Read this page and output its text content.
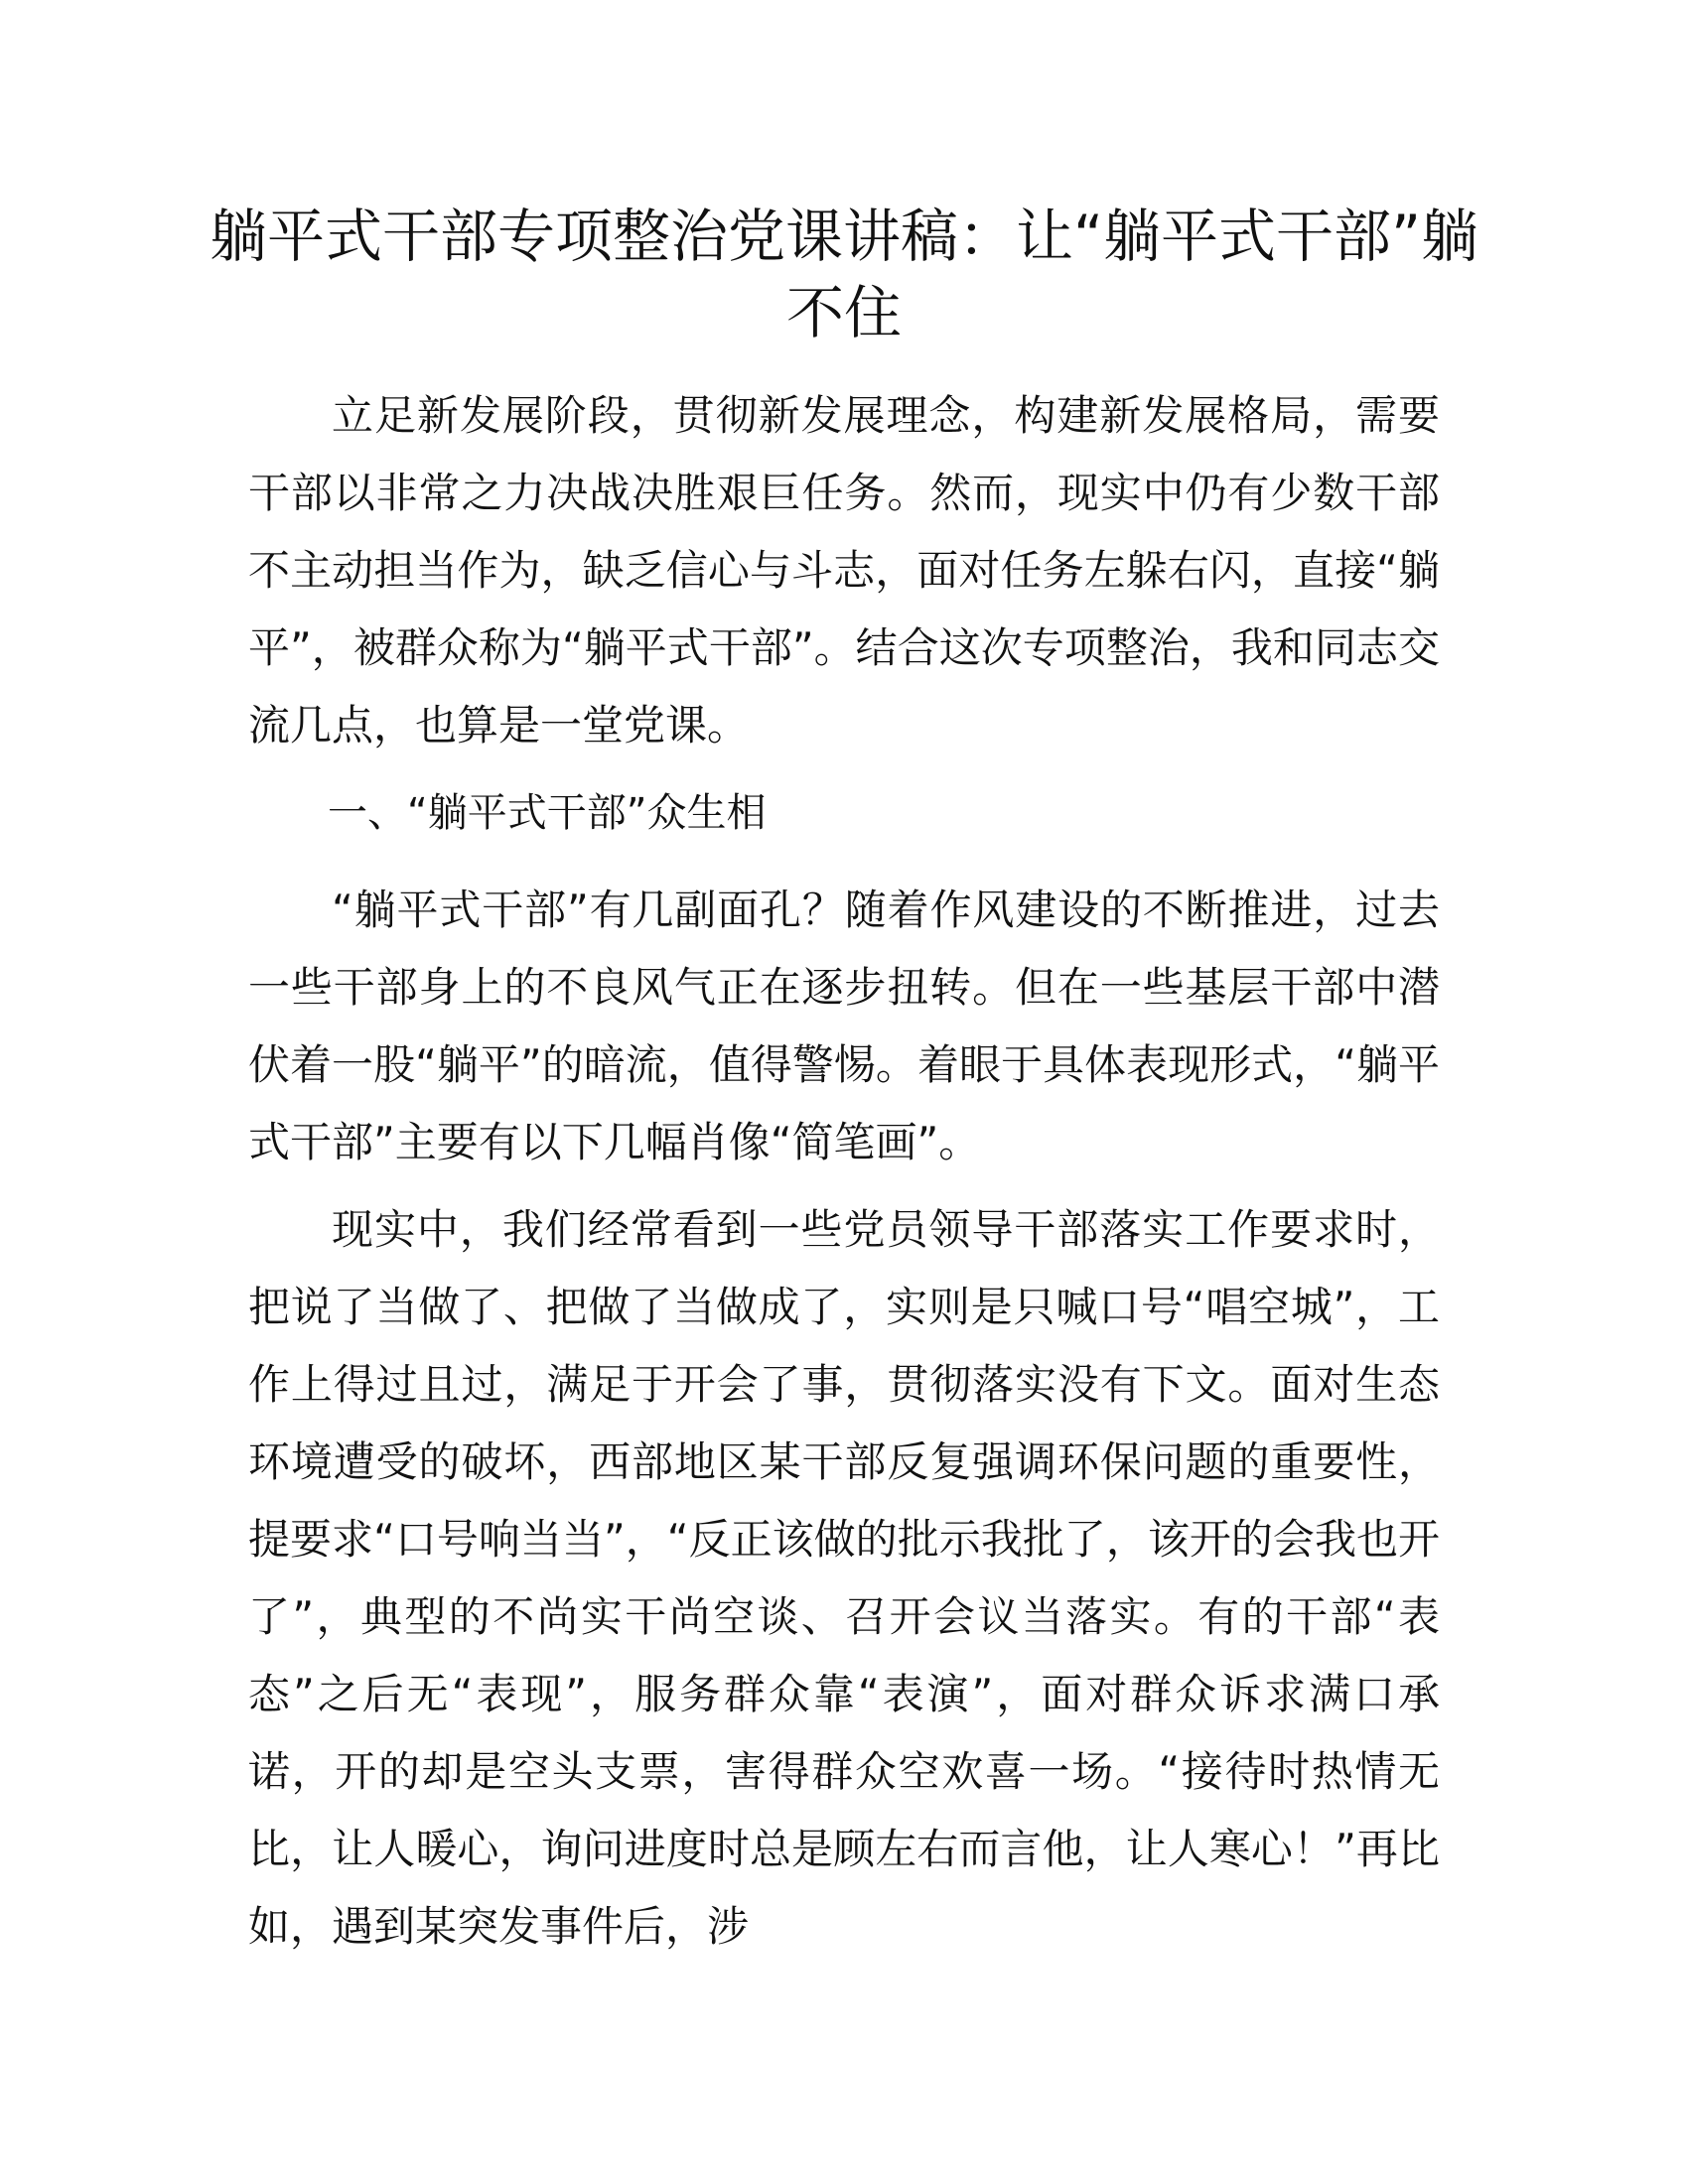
躺平式干部专项整治党课讲稿：让“躺平式干部”躺不住

立足新发展阶段，贯彻新发展理念，构建新发展格局，需要干部以非常之力决战决胜艰巨任务。然而，现实中仍有少数干部不主动担当作为，缺乏信心与斗志，面对任务左躲右闪，直接“躺平”，被群众称为“躺平式干部”。结合这次专项整治，我和同志交流几点，也算是一堂党课。

一、“躺平式干部”众生相

“躺平式干部”有几副面孔？随着作风建设的不断推进，过去一些干部身上的不良风气正在逐步扭转。但在一些基层干部中潜伏着一股“躺平”的暗流，值得警惕。着眼于具体表现形式，“躺平式干部”主要有以下几幅肖像“简笔画”。

现实中，我们经常看到一些党员领导干部落实工作要求时，把说了当做了、把做了当做成了，实则是只喊口号“唱空城”，工作上得过且过，满足于开会了事，贯彻落实没有下文。面对生态环境遭受的破坏，西部地区某干部反复强调环保问题的重要性，提要求“口号响当当”，“反正该做的批示我批了，该开的会我也开了”，典型的不尚实干尚空谈、召开会议当落实。有的干部“表态”之后无“表现”，服务群众靠“表演”，面对群众诉求满口承诺，开的却是空头支票，害得群众空欢喜一场。“接待时热情无比，让人暖心，询问进度时总是顾左右而言他，让人寒心！”再比如，遇到某突发事件后，涉
